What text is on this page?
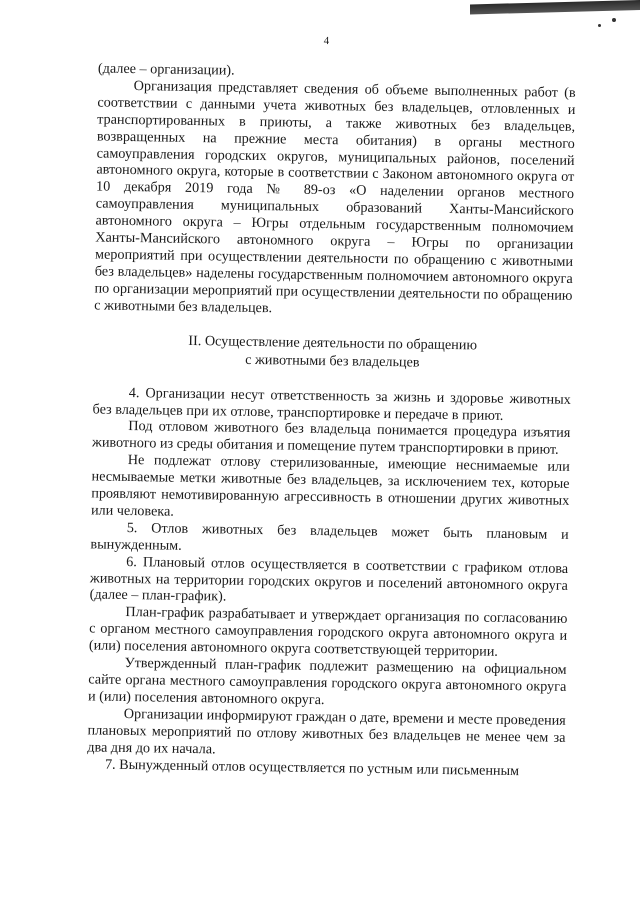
4

(далее – организации).

Организация представляет сведения об объеме выполненных работ (в соответствии с данными учета животных без владельцев, отловленных и транспортированных в приюты, а также животных без владельцев, возвращенных на прежние места обитания) в органы местного самоуправления городских округов, муниципальных районов, поселений автономного округа, которые в соответствии с Законом автономного округа от 10 декабря 2019 года № 89-оз «О наделении органов местного самоуправления муниципальных образований Ханты-Мансийского автономного округа – Югры отдельным государственным полномочием Ханты-Мансийского автономного округа – Югры по организации мероприятий при осуществлении деятельности по обращению с животными без владельцев» наделены государственным полномочием автономного округа по организации мероприятий при осуществлении деятельности по обращению с животными без владельцев.

II. Осуществление деятельности по обращению
с животными без владельцев

4. Организации несут ответственность за жизнь и здоровье животных без владельцев при их отлове, транспортировке и передаче в приют.

Под отловом животного без владельца понимается процедура изъятия животного из среды обитания и помещение путем транспортировки в приют.

Не подлежат отлову стерилизованные, имеющие неснимаемые или несмываемые метки животные без владельцев, за исключением тех, которые проявляют немотивированную агрессивность в отношении других животных или человека.

5. Отлов животных без владельцев может быть плановым и вынужденным.

6. Плановый отлов осуществляется в соответствии с графиком отлова животных на территории городских округов и поселений автономного округа (далее – план-график).

План-график разрабатывает и утверждает организация по согласованию с органом местного самоуправления городского округа автономного округа и (или) поселения автономного округа соответствующей территории.

Утвержденный план-график подлежит размещению на официальном сайте органа местного самоуправления городского округа автономного округа и (или) поселения автономного округа.

Организации информируют граждан о дате, времени и месте проведения плановых мероприятий по отлову животных без владельцев не менее чем за два дня до их начала.

7. Вынужденный отлов осуществляется по устным или письменным
